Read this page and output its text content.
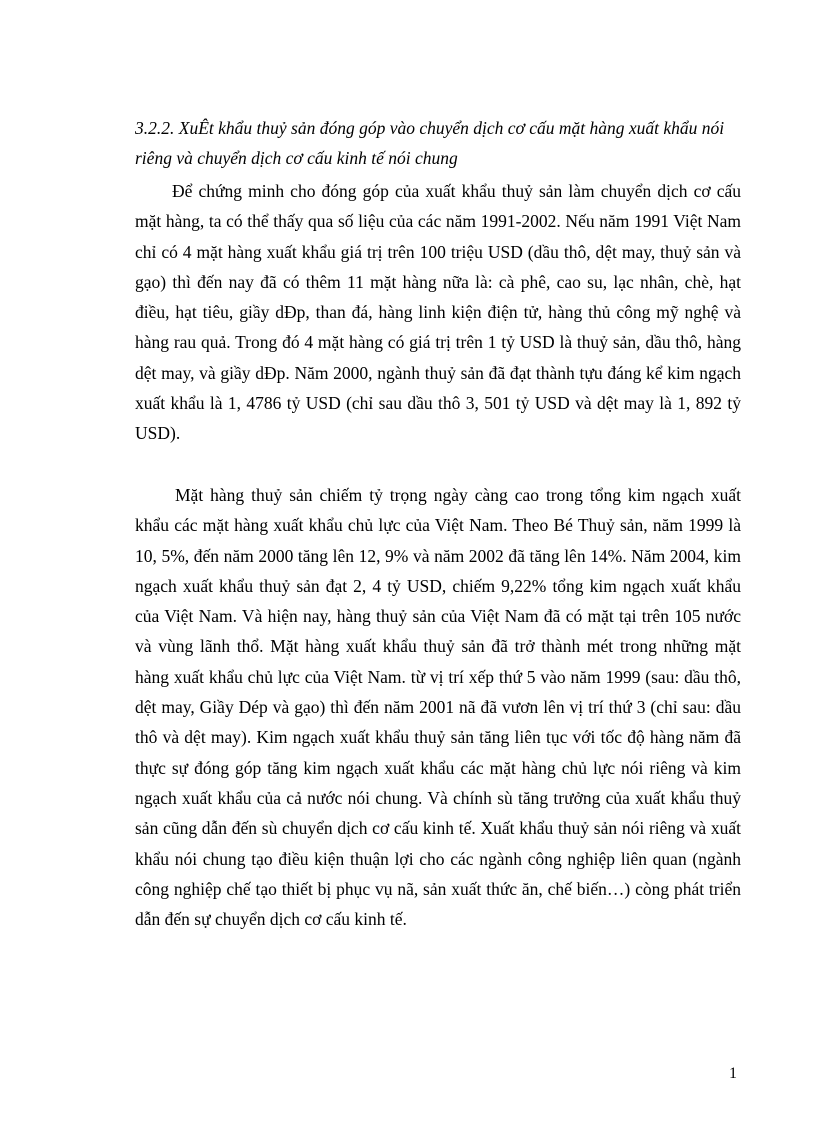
3.2.2. XuÊt khẩu thuỷ sản đóng góp vào chuyển dịch cơ cấu mặt hàng xuất khẩu nói riêng và chuyển dịch cơ cấu kinh tế nói chung

Để chứng minh cho đóng góp của xuất khẩu thuỷ sản làm chuyển dịch cơ cấu mặt hàng, ta có thể thấy qua số liệu của các năm 1991-2002. Nếu năm 1991 Việt Nam chỉ có 4 mặt hàng xuất khẩu giá trị trên 100 triệu USD (dầu thô, dệt may, thuỷ sản và gạo) thì đến nay đã có thêm 11 mặt hàng nữa là: cà phê, cao su, lạc nhân, chè, hạt điều, hạt tiêu, giầy dÐp, than đá, hàng linh kiện điện tử, hàng thủ công mỹ nghệ và hàng rau quả. Trong đó 4 mặt hàng có giá trị trên 1 tỷ USD là thuỷ sản, dầu thô, hàng dệt may, và giầy dÐp. Năm 2000, ngành thuỷ sản đã đạt thành tựu đáng kể kim ngạch xuất khẩu là 1, 4786 tỷ USD (chỉ sau dầu thô 3, 501 tỷ USD và dệt may là 1, 892 tỷ USD).

Mặt hàng thuỷ sản chiếm tỷ trọng ngày càng cao trong tổng kim ngạch xuất khẩu các mặt hàng xuất khẩu chủ lực của Việt Nam. Theo Bé Thuỷ sản, năm 1999 là 10, 5%, đến năm 2000 tăng lên 12, 9% và năm 2002 đã tăng lên 14%. Năm 2004, kim ngạch xuất khẩu thuỷ sản đạt 2, 4 tỷ USD, chiếm 9,22% tổng kim ngạch xuất khẩu của Việt Nam. Và hiện nay, hàng thuỷ sản của Việt Nam đã có mặt tại trên 105 nước và vùng lãnh thổ. Mặt hàng xuất khẩu thuỷ sản đã trở thành mét trong những mặt hàng xuất khẩu chủ lực của Việt Nam. từ vị trí xếp thứ 5 vào năm 1999 (sau: dầu thô, dệt may, Giầy Dép và gạo) thì đến năm 2001 nã đã vươn lên vị trí thứ 3 (chỉ sau: dầu thô và dệt may). Kim ngạch xuất khẩu thuỷ sản tăng liên tục với tốc độ hàng năm đã thực sự đóng góp tăng kim ngạch xuất khẩu các mặt hàng chủ lực nói riêng và kim ngạch xuất khẩu của cả nước nói chung. Và chính sù tăng trưởng của xuất khẩu thuỷ sản cũng dẫn đến sù chuyển dịch cơ cấu kinh tế. Xuất khẩu thuỷ sản nói riêng và xuất khẩu nói chung tạo điều kiện thuận lợi cho các ngành công nghiệp liên quan (ngành công nghiệp chế tạo thiết bị phục vụ nã, sản xuất thức ăn, chế biến…) còng phát triển dẫn đến sự chuyển dịch cơ cấu kinh tế.

1
